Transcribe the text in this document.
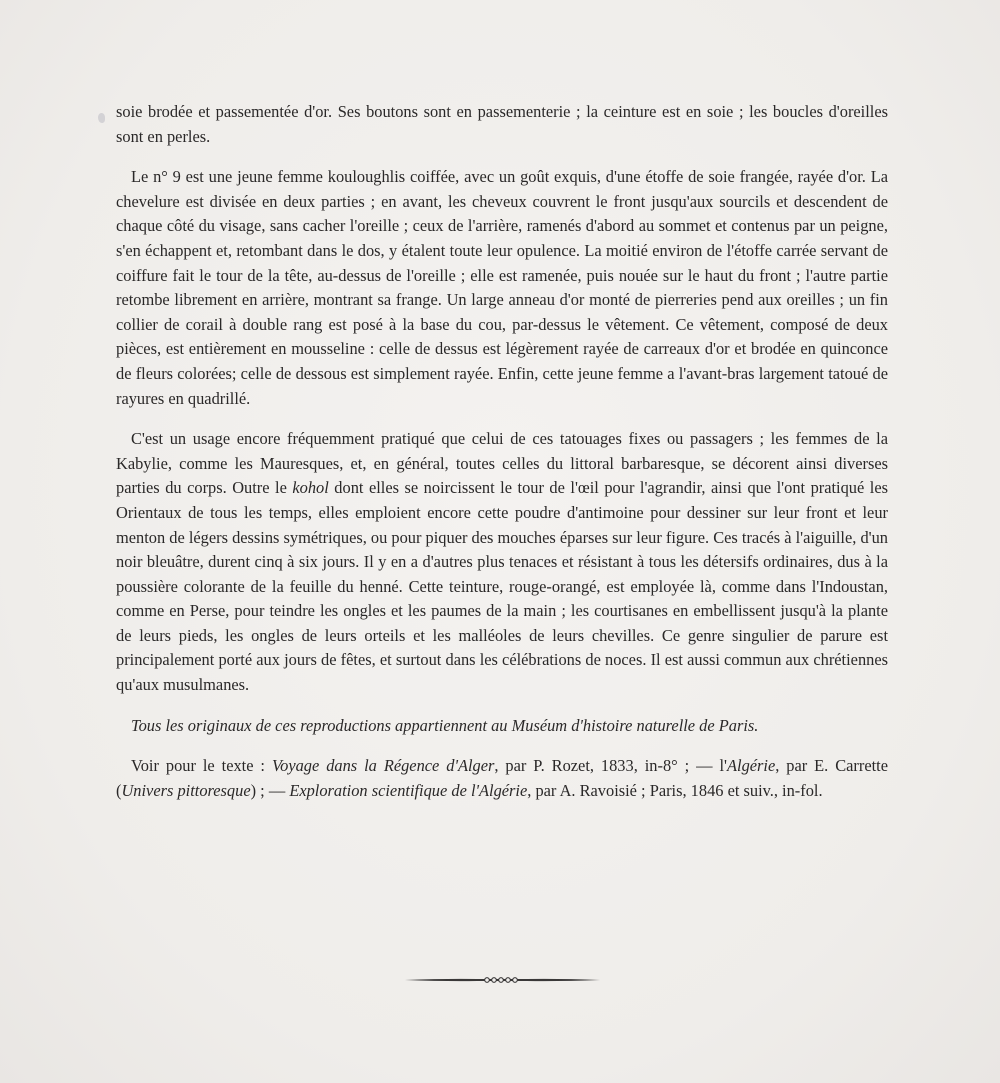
soie brodée et passementée d'or. Ses boutons sont en passementerie ; la ceinture est en soie ; les boucles d'oreilles sont en perles.

Le n° 9 est une jeune femme kouloughlis coiffée, avec un goût exquis, d'une étoffe de soie frangée, rayée d'or. La chevelure est divisée en deux parties ; en avant, les cheveux couvrent le front jusqu'aux sourcils et descendent de chaque côté du visage, sans cacher l'oreille ; ceux de l'arrière, ramenés d'abord au sommet et contenus par un peigne, s'en échappent et, retombant dans le dos, y étalent toute leur opulence. La moitié environ de l'étoffe carrée servant de coiffure fait le tour de la tête, au-dessus de l'oreille ; elle est ramenée, puis nouée sur le haut du front ; l'autre partie retombe librement en arrière, montrant sa frange. Un large anneau d'or monté de pierreries pend aux oreilles ; un fin collier de corail à double rang est posé à la base du cou, par-dessus le vêtement. Ce vêtement, composé de deux pièces, est entièrement en mousseline : celle de dessus est légèrement rayée de carreaux d'or et brodée en quinconce de fleurs colorées; celle de dessous est simplement rayée. Enfin, cette jeune femme a l'avant-bras largement tatoué de rayures en quadrillé.

C'est un usage encore fréquemment pratiqué que celui de ces tatouages fixes ou passagers ; les femmes de la Kabylie, comme les Mauresques, et, en général, toutes celles du littoral barbaresque, se décorent ainsi diverses parties du corps. Outre le kohol dont elles se noircissent le tour de l'œil pour l'agrandir, ainsi que l'ont pratiqué les Orientaux de tous les temps, elles emploient encore cette poudre d'antimoine pour dessiner sur leur front et leur menton de légers dessins symétriques, ou pour piquer des mouches éparses sur leur figure. Ces tracés à l'aiguille, d'un noir bleuâtre, durent cinq à six jours. Il y en a d'autres plus tenaces et résistant à tous les détersifs ordinaires, dus à la poussière colorante de la feuille du henné. Cette teinture, rouge-orangé, est employée là, comme dans l'Indoustan, comme en Perse, pour teindre les ongles et les paumes de la main ; les courtisanes en embellissent jusqu'à la plante de leurs pieds, les ongles de leurs orteils et les malléoles de leurs chevilles. Ce genre singulier de parure est principalement porté aux jours de fêtes, et surtout dans les célébrations de noces. Il est aussi commun aux chrétiennes qu'aux musulmanes.

Tous les originaux de ces reproductions appartiennent au Muséum d'histoire naturelle de Paris.

Voir pour le texte : Voyage dans la Régence d'Alger, par P. Rozet, 1833, in-8° ; — l'Algérie, par E. Carrette (Univers pittoresque) ; — Exploration scientifique de l'Algérie, par A. Ravoisié ; Paris, 1846 et suiv., in-fol.
